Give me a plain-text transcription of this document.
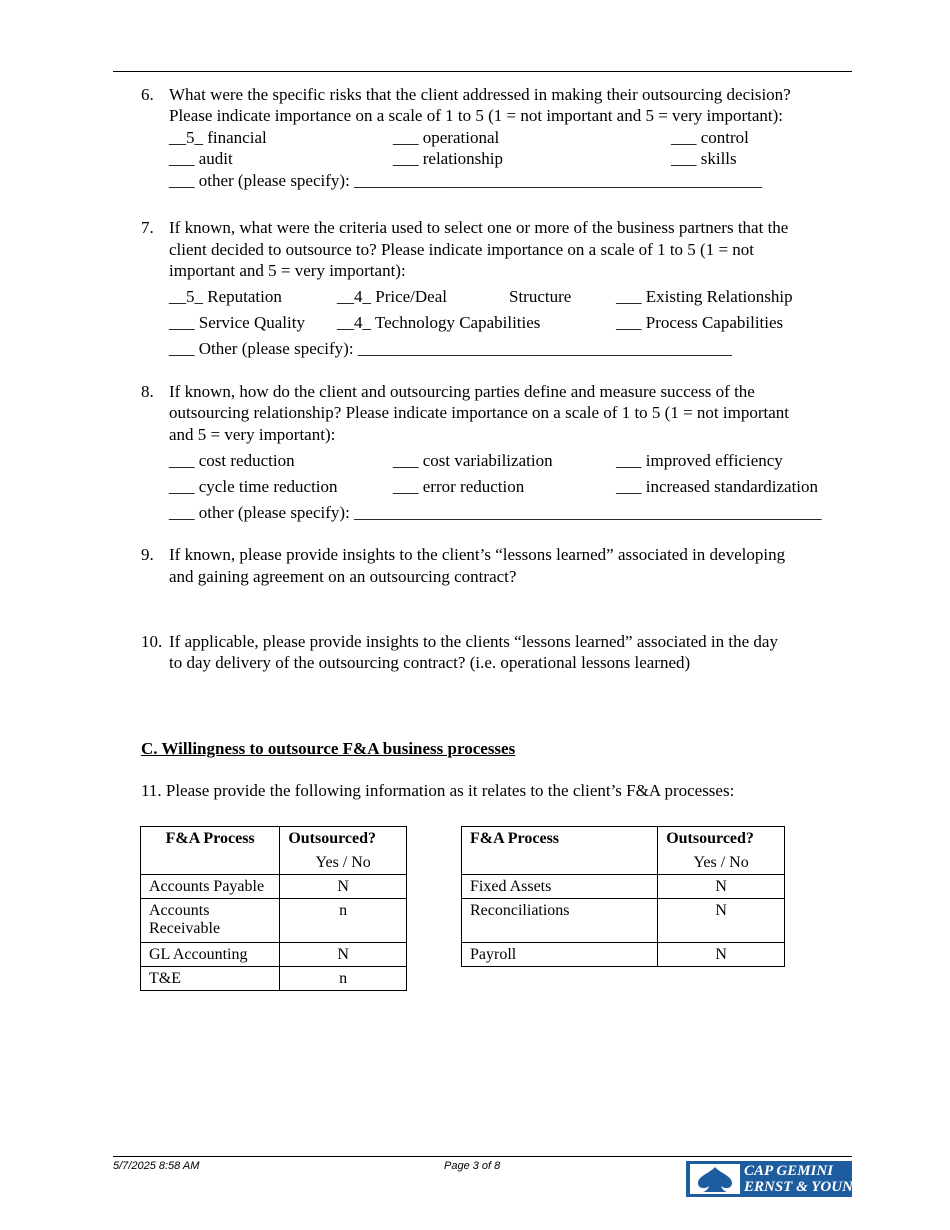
6. What were the specific risks that the client addressed in making their outsourcing decision?
Please indicate importance on a scale of 1 to 5 (1 = not important and 5 = very important):
__5_ financial	___ operational	___ control
___ audit	___ relationship	___ skills
___ other (please specify): ________________________________________________
7. If known, what were the criteria used to select one or more of the business partners that the
client decided to outsource to? Please indicate importance on a scale of 1 to 5 (1 = not
important and 5 = very important):
__5_ Reputation	__4_ Price/Deal	Structure	___ Existing Relationship
___ Service Quality __4_ Technology Capabilities	___ Process Capabilities
___ Other (please specify): ____________________________________________
8. If known, how do the client and outsourcing parties define and measure success of the
outsourcing relationship? Please indicate importance on a scale of 1 to 5 (1 = not important
and 5 = very important):
___ cost reduction	___ cost variabilization	___ improved efficiency
___ cycle time reduction	___ error reduction	___ increased standardization
___ other (please specify): _______________________________________________________
9. If known, please provide insights to the client’s “lessons learned” associated in developing
and gaining agreement on an outsourcing contract?
10. If applicable, please provide insights to the clients “lessons learned” associated in the day
to day delivery of the outsourcing contract? (i.e. operational lessons learned)
C. Willingness to outsource F&A business processes
11. Please provide the following information as it relates to the client’s F&A processes:
F&A Process	Outsourced?
Yes / No

Accounts Payable	N
Accounts Receivable	n
GL Accounting	N
T&E	n
F&A Process	Outsourced?
Yes / No

Fixed Assets	N
Reconciliations	N
Payroll	N
5/7/2025 8:58 AM	Page 3 of 8	CAP GEMINI
ERNST & YOUNG
